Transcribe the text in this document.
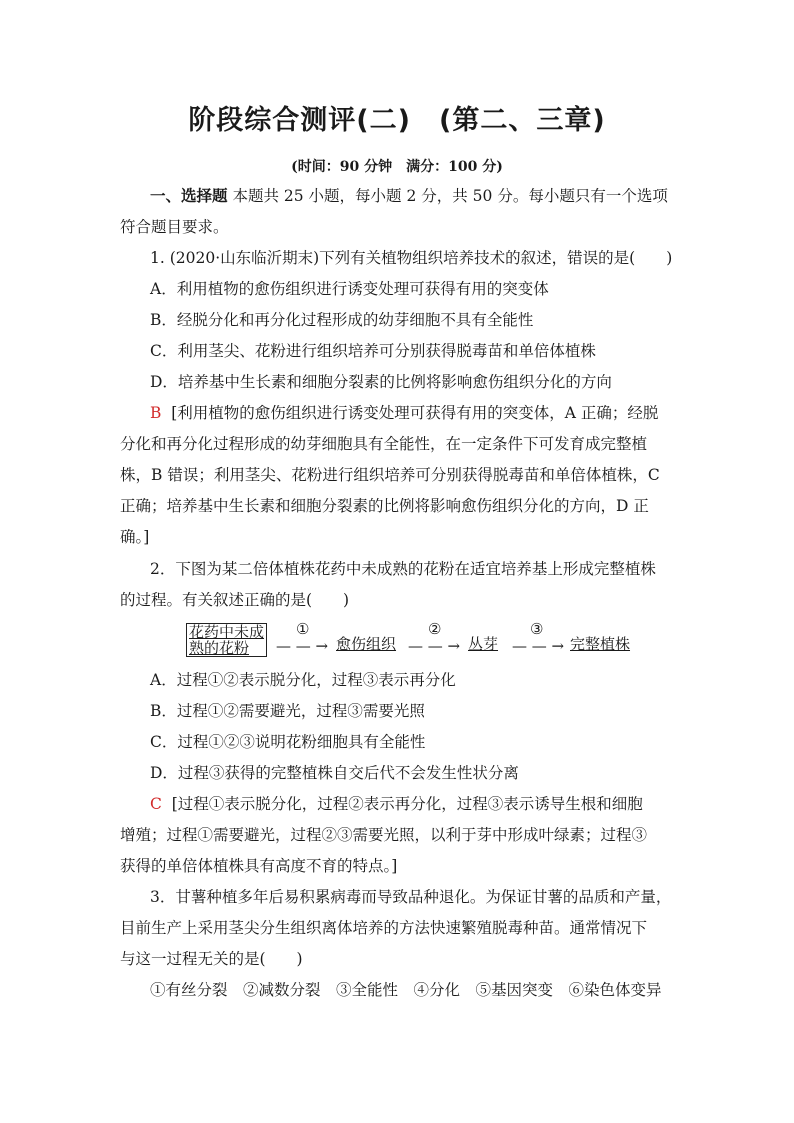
阶段综合测评(二)　(第二、三章)
(时间：90 分钟　满分：100 分)
一、选择题 本题共 25 小题，每小题 2 分，共 50 分。每小题只有一个选项
符合题目要求。
1. (2020·山东临沂期末)下列有关植物组织培养技术的叙述，错误的是(　　)
A．利用植物的愈伤组织进行诱变处理可获得有用的突变体
B．经脱分化和再分化过程形成的幼芽细胞不具有全能性
C．利用茎尖、花粉进行组织培养可分别获得脱毒苗和单倍体植株
D．培养基中生长素和细胞分裂素的比例将影响愈伤组织分化的方向
B [利用植物的愈伤组织进行诱变处理可获得有用的突变体，A 正确；经脱
分化和再分化过程形成的幼芽细胞具有全能性，在一定条件下可发育成完整植
株，B 错误；利用茎尖、花粉进行组织培养可分别获得脱毒苗和单倍体植株，C
正确；培养基中生长素和细胞分裂素的比例将影响愈伤组织分化的方向，D 正
确。]
2．下图为某二倍体植株花药中未成熟的花粉在适宜培养基上形成完整植株
的过程。有关叙述正确的是(　　)
花药中未成
熟的花粉	— — →
①
愈伤组织 — — →
②
丛芽 — — →
③
完整植株
A．过程①②表示脱分化，过程③表示再分化
B．过程①②需要避光，过程③需要光照
C．过程①②③说明花粉细胞具有全能性
D．过程③获得的完整植株自交后代不会发生性状分离
C [过程①表示脱分化，过程②表示再分化，过程③表示诱导生根和细胞
增殖；过程①需要避光，过程②③需要光照，以利于芽中形成叶绿素；过程③
获得的单倍体植株具有高度不育的特点。]
3．甘薯种植多年后易积累病毒而导致品种退化。为保证甘薯的品质和产量，
目前生产上采用茎尖分生组织离体培养的方法快速繁殖脱毒种苗。通常情况下
与这一过程无关的是(　　)
①有丝分裂　②减数分裂　③全能性　④分化　⑤基因突变　⑥染色体变异
